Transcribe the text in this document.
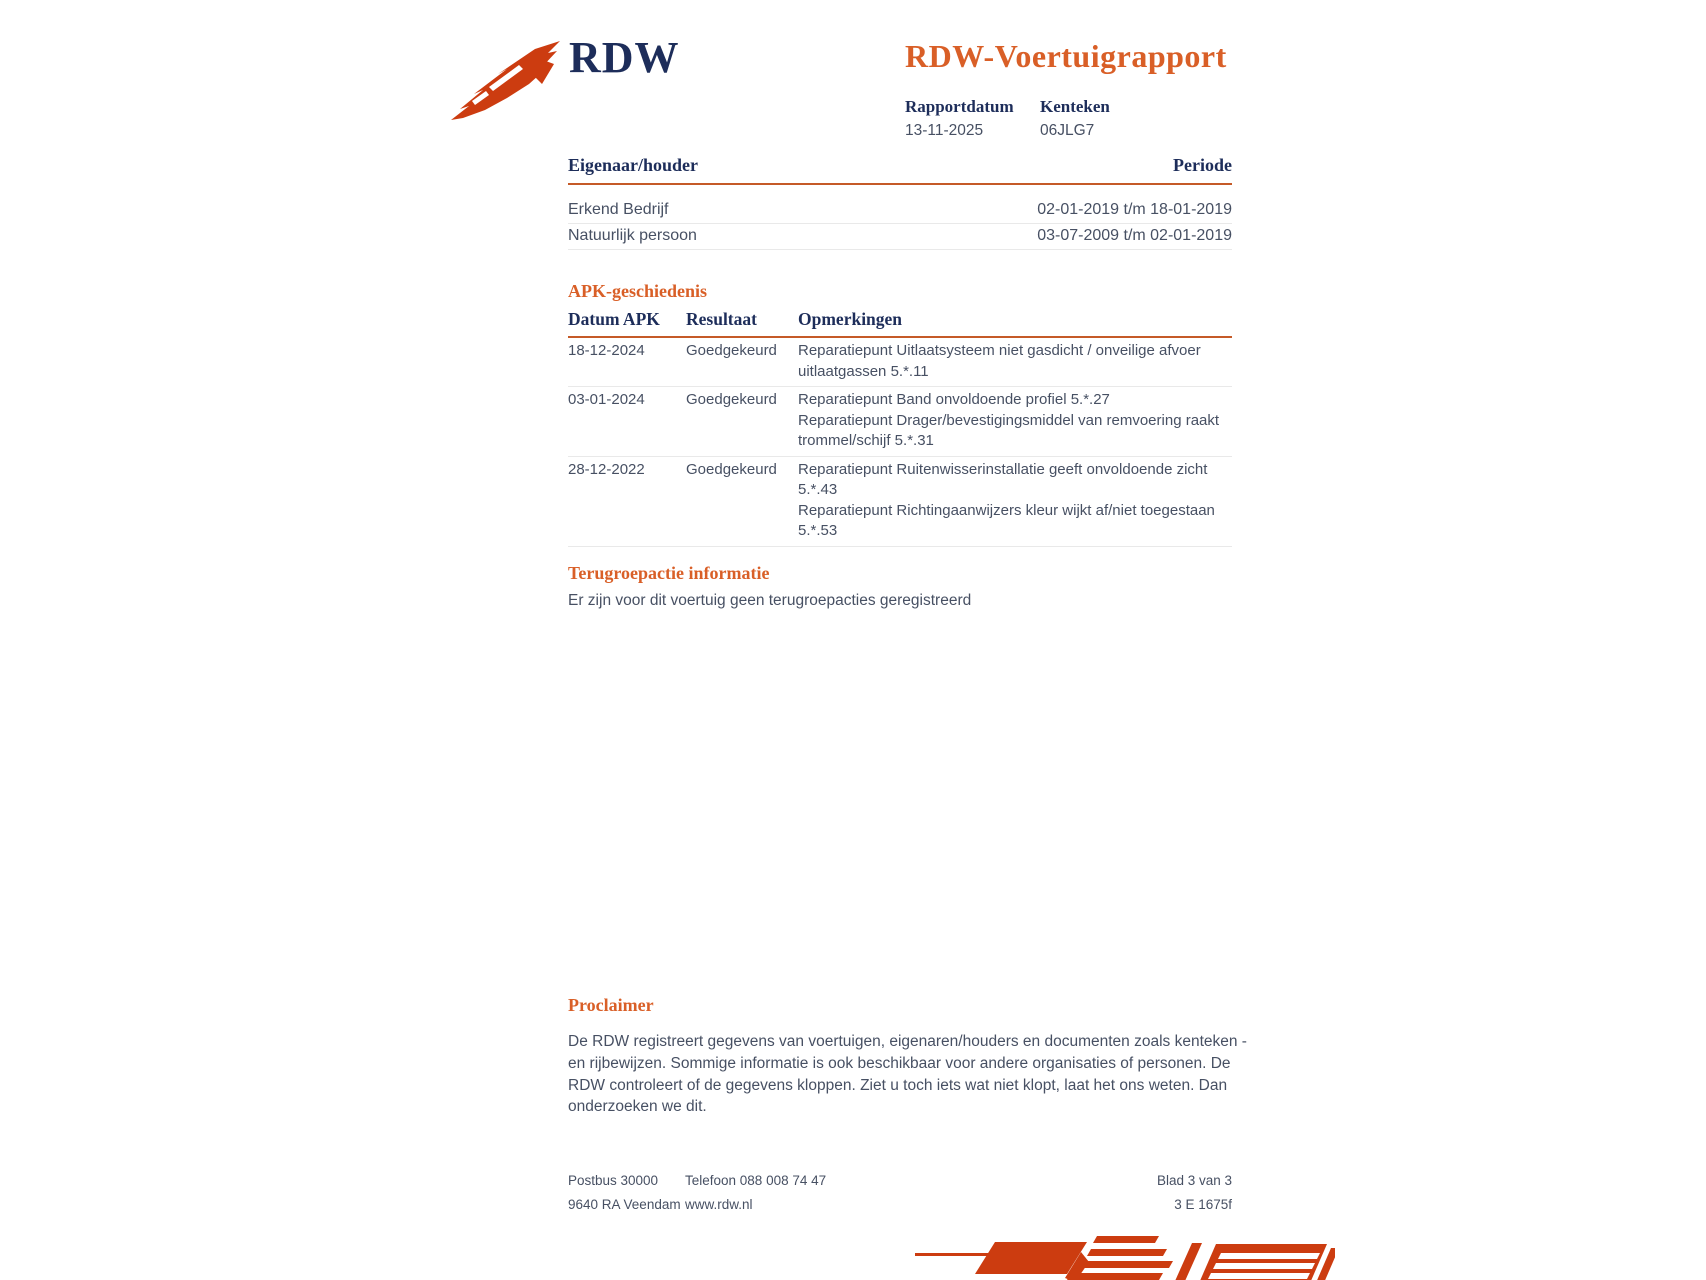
RDW	RDW-Voertuigrapport
Rapportdatum
13-11-2025
Kenteken
06JLG7
Eigenaar/houder	Periode
Erkend Bedrijf	02-01-2019 t/m 18-01-2019
Natuurlijk persoon	03-07-2009 t/m 02-01-2019
APK-geschiedenis
Datum APK	Resultaat	Opmerkingen
18-12-2024	Goedgekeurd	Reparatiepunt Uitlaatsysteem niet gasdicht / onveilige afvoer uitlaatgassen 5.*.11

03-01-2024	Goedgekeurd	Reparatiepunt Band onvoldoende profiel 5.*.27

Reparatiepunt Drager/bevestigingsmiddel van remvoering raakt trommel/schijf 5.*.31

28-12-2022	Goedgekeurd	Reparatiepunt Ruitenwisserinstallatie geeft onvoldoende zicht 5.*.43

Reparatiepunt Richtingaanwijzers kleur wijkt af/niet toegestaan 5.*.53

Terugroepactie informatie
Er zijn voor dit voertuig geen terugroepacties geregistreerd
Proclaimer
De RDW registreert gegevens van voertuigen, eigenaren/houders en documenten zoals kenteken - en rijbewijzen. Sommige informatie is ook beschikbaar voor andere organisaties of personen. De RDW controleert of de gegevens kloppen. Ziet u toch iets wat niet klopt, laat het ons weten. Dan onderzoeken we dit.
Postbus 30000	Telefoon 088 008 74 47	Blad 3 van 3
9640 RA Veendam www.rdw.nl	3 E 1675f
